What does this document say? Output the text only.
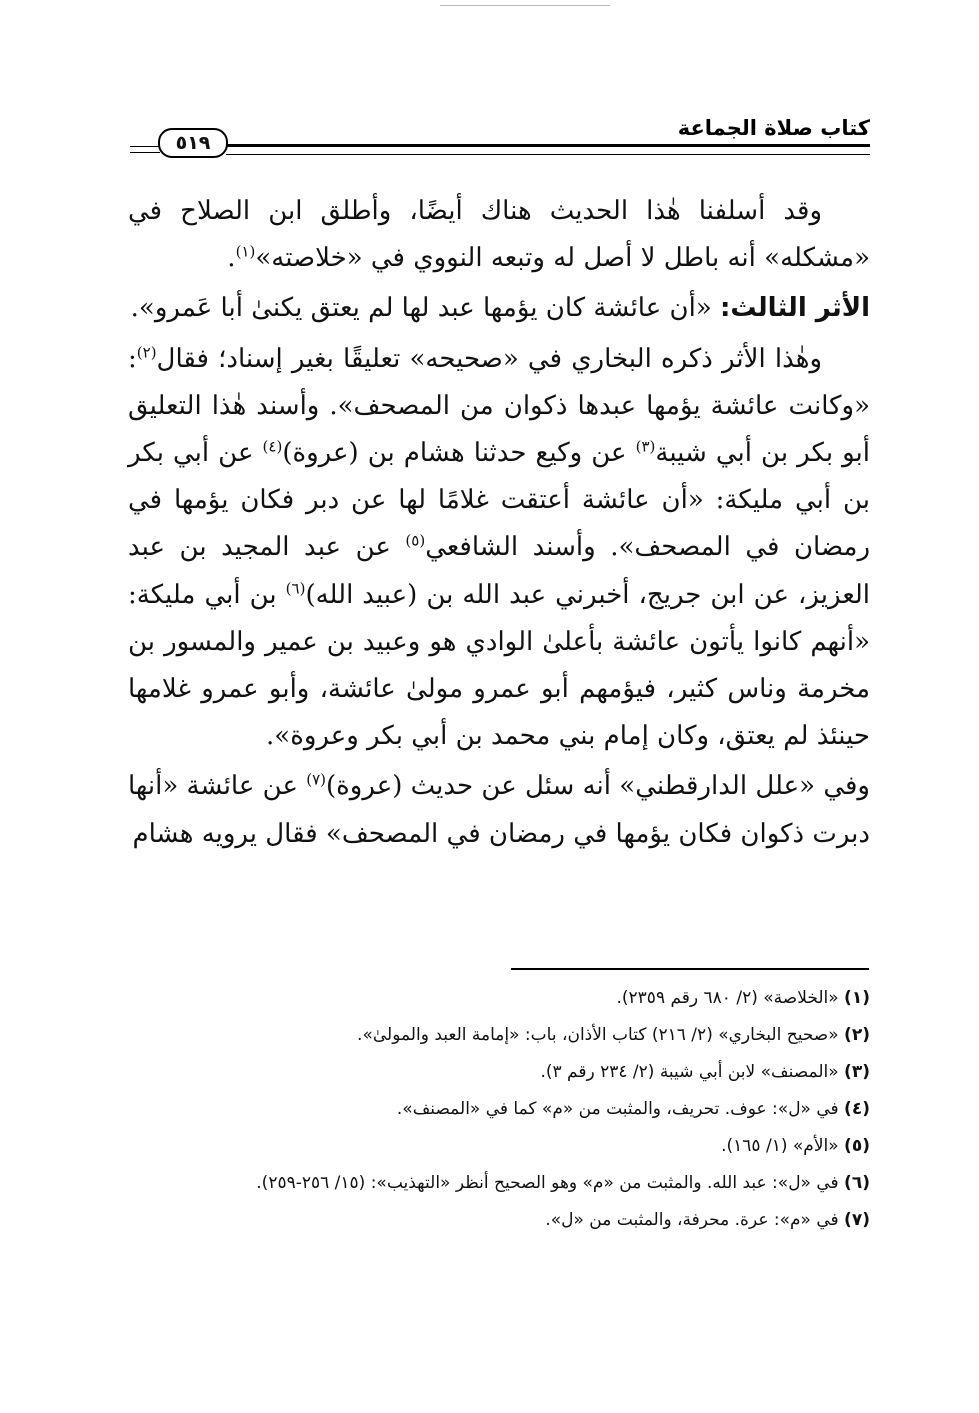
كتاب صلاة الجماعة
٥١٩

وقد أسلفنا هٰذا الحديث هناك أيضًا، وأطلق ابن الصلاح في «مشكله» أنه باطل لا أصل له وتبعه النووي في «خلاصته»$^{(١)}$.

الأثر الثالث: «أن عائشة كان يؤمها عبد لها لم يعتق يكنىٰ أبا عَمرو».

وهٰذا الأثر ذكره البخاري في «صحيحه» تعليقًا بغير إسناد؛ فقال$^{(٢)}$: «وكانت عائشة يؤمها عبدها ذكوان من المصحف». وأسند هٰذا التعليق أبو بكر بن أبي شيبة$^{(٣)}$ عن وكيع حدثنا هشام بن (عروة)$^{(٤)}$ عن أبي بكر بن أبي مليكة: «أن عائشة أعتقت غلامًا لها عن دبر فكان يؤمها في رمضان في المصحف». وأسند الشافعي$^{(٥)}$ عن عبد المجيد بن عبد العزيز، عن ابن جريج، أخبرني عبد الله بن (عبيد الله)$^{(٦)}$ بن أبي مليكة: «أنهم كانوا يأتون عائشة بأعلىٰ الوادي هو وعبيد بن عمير والمسور بن مخرمة وناس كثير، فيؤمهم أبو عمرو مولىٰ عائشة، وأبو عمرو غلامها حينئذ لم يعتق، وكان إمام بني محمد بن أبي بكر وعروة».

وفي «علل الدارقطني» أنه سئل عن حديث (عروة)$^{(٧)}$ عن عائشة «أنها دبرت ذكوان فكان يؤمها في رمضان في المصحف» فقال يرويه هشام

(١) «الخلاصة» (٢/ ٦٨٠ رقم ٢٣٥٩).
(٢) «صحيح البخاري» (٢/ ٢١٦) كتاب الأذان، باب: «إمامة العبد والمولىٰ».
(٣) «المصنف» لابن أبي شيبة (٢/ ٢٣٤ رقم ٣).
(٤) في «ل»: عوف. تحريف، والمثبت من «م» كما في «المصنف».
(٥) «الأم» (١/ ١٦٥).
(٦) في «ل»: عبد الله. والمثبت من «م» وهو الصحيح أنظر «التهذيب»: (١٥/ ٢٥٦-٢٥٩).
(٧) في «م»: عرة. محرفة، والمثبت من «ل».
